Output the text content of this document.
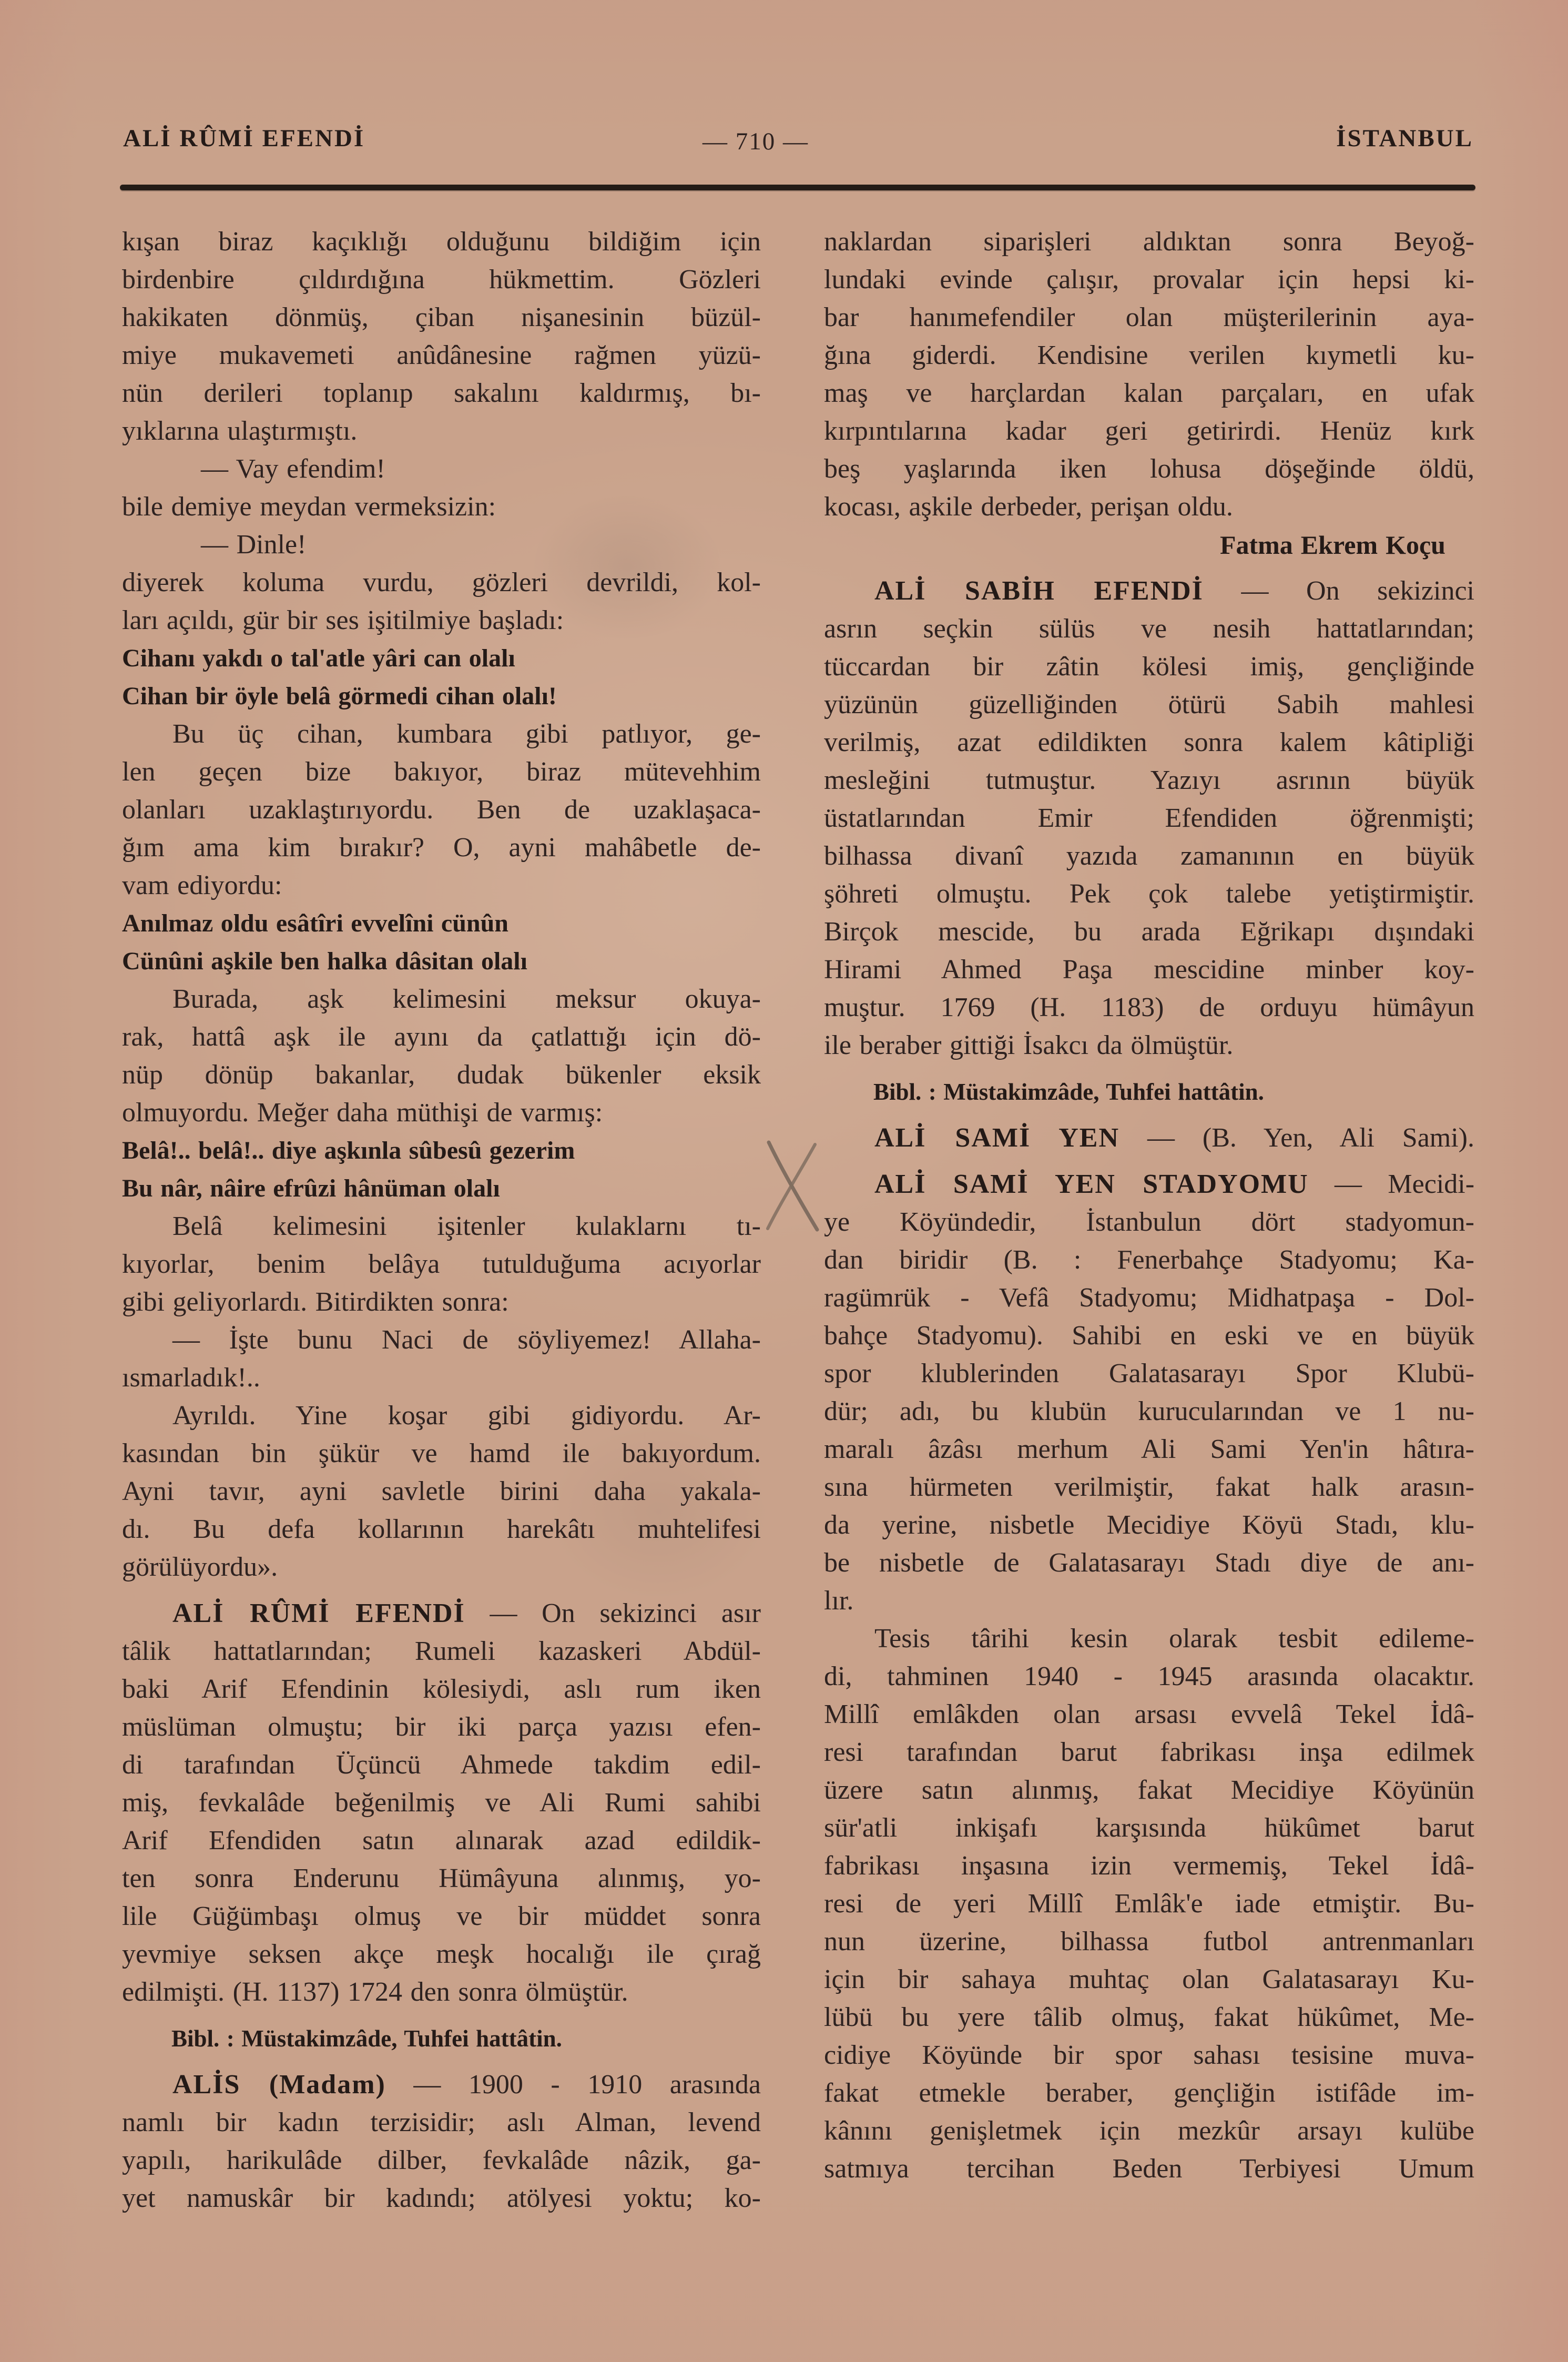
ALİ RÛMİ EFENDİ	— 710 —	İSTANBUL
kışan biraz kaçıklığı olduğunu bildiğim için
birdenbire çıldırdığına hükmettim. Gözleri
hakikaten dönmüş, çiban nişanesinin büzül-
miye mukavemeti anûdânesine rağmen yüzü-
nün derileri toplanıp sakalını kaldırmış, bı-
yıklarına ulaştırmıştı.
— Vay efendim!
bile demiye meydan vermeksizin:
— Dinle!
diyerek koluma vurdu, gözleri devrildi, kol-
ları açıldı, gür bir ses işitilmiye başladı:
Cihanı yakdı o tal'atle yâri can olalı
Cihan bir öyle belâ görmedi cihan olalı!
Bu üç cihan, kumbara gibi patlıyor, ge-
len geçen bize bakıyor, biraz mütevehhim
olanları uzaklaştırıyordu. Ben de uzaklaşaca-
ğım ama kim bırakır? O, ayni mahâbetle de-
vam ediyordu:
Anılmaz oldu esâtîri evvelîni cünûn
Cünûni aşkile ben halka dâsitan olalı
Burada, aşk kelimesini meksur okuya-
rak, hattâ aşk ile ayını da çatlattığı için dö-
nüp dönüp bakanlar, dudak bükenler eksik
olmuyordu. Meğer daha müthişi de varmış:
Belâ!.. belâ!.. diye aşkınla sûbesû gezerim
Bu nâr, nâire efrûzi hânüman olalı
Belâ kelimesini işitenler kulaklarnı tı-
kıyorlar, benim belâya tutulduğuma acıyorlar
gibi geliyorlardı. Bitirdikten sonra:
— İşte bunu Naci de söyliyemez! Allaha-
ısmarladık!..
Ayrıldı. Yine koşar gibi gidiyordu. Ar-
kasından bin şükür ve hamd ile bakıyordum.
Ayni tavır, ayni savletle birini daha yakala-
dı. Bu defa kollarının harekâtı muhtelifesi
görülüyordu».
ALİ RÛMİ EFENDİ — On sekizinci asır
tâlik hattatlarından; Rumeli kazaskeri Abdül-
baki Arif Efendinin kölesiydi, aslı rum iken
müslüman olmuştu; bir iki parça yazısı efen-
di tarafından Üçüncü Ahmede takdim edil-
miş, fevkalâde beğenilmiş ve Ali Rumi sahibi
Arif Efendiden satın alınarak azad edildik-
ten sonra Enderunu Hümâyuna alınmış, yo-
lile Güğümbaşı olmuş ve bir müddet sonra
yevmiye seksen akçe meşk hocalığı ile çırağ
edilmişti. (H. 1137) 1724 den sonra ölmüştür.
Bibl. : Müstakimzâde, Tuhfei hattâtin.
ALİS (Madam) — 1900 - 1910 arasında
namlı bir kadın terzisidir; aslı Alman, levend
yapılı, harikulâde dilber, fevkalâde nâzik, ga-
yet namuskâr bir kadındı; atölyesi yoktu; ko-
naklardan siparişleri aldıktan sonra Beyoğ-
lundaki evinde çalışır, provalar için hepsi ki-
bar hanımefendiler olan müşterilerinin aya-
ğına giderdi. Kendisine verilen kıymetli ku-
maş ve harçlardan kalan parçaları, en ufak
kırpıntılarına kadar geri getirirdi. Henüz kırk
beş yaşlarında iken lohusa döşeğinde öldü,
kocası, aşkile derbeder, perişan oldu.
Fatma Ekrem Koçu
ALİ SABİH EFENDİ — On sekizinci
asrın seçkin sülüs ve nesih hattatlarından;
tüccardan bir zâtin kölesi imiş, gençliğinde
yüzünün güzelliğinden ötürü Sabih mahlesi
verilmiş, azat edildikten sonra kalem kâtipliği
mesleğini tutmuştur. Yazıyı asrının büyük
üstatlarından Emir Efendiden öğrenmişti;
bilhassa divanî yazıda zamanının en büyük
şöhreti olmuştu. Pek çok talebe yetiştirmiştir.
Birçok mescide, bu arada Eğrikapı dışındaki
Hirami Ahmed Paşa mescidine minber koy-
muştur. 1769 (H. 1183) de orduyu hümâyun
ile beraber gittiği İsakcı da ölmüştür.
Bibl. : Müstakimzâde, Tuhfei hattâtin.
ALİ SAMİ YEN — (B. Yen, Ali Sami).
ALİ SAMİ YEN STADYOMU — Mecidi-
ye Köyündedir, İstanbulun dört stadyomun-
dan biridir (B. : Fenerbahçe Stadyomu; Ka-
ragümrük - Vefâ Stadyomu; Midhatpaşa - Dol-
bahçe Stadyomu). Sahibi en eski ve en büyük
spor klublerinden Galatasarayı Spor Klubü-
dür; adı, bu klubün kurucularından ve 1 nu-
maralı âzâsı merhum Ali Sami Yen'in hâtıra-
sına hürmeten verilmiştir, fakat halk arasın-
da yerine, nisbetle Mecidiye Köyü Stadı, klu-
be nisbetle de Galatasarayı Stadı diye de anı-
lır.
Tesis târihi kesin olarak tesbit edileme-
di, tahminen 1940 - 1945 arasında olacaktır.
Millî emlâkden olan arsası evvelâ Tekel İdâ-
resi tarafından barut fabrikası inşa edilmek
üzere satın alınmış, fakat Mecidiye Köyünün
sür'atli inkişafı karşısında hükûmet barut
fabrikası inşasına izin vermemiş, Tekel İdâ-
resi de yeri Millî Emlâk'e iade etmiştir. Bu-
nun üzerine, bilhassa futbol antrenmanları
için bir sahaya muhtaç olan Galatasarayı Ku-
lübü bu yere tâlib olmuş, fakat hükûmet, Me-
cidiye Köyünde bir spor sahası tesisine muva-
fakat etmekle beraber, gençliğin istifâde im-
kânını genişletmek için mezkûr arsayı kulübe
satmıya tercihan Beden Terbiyesi Umum
